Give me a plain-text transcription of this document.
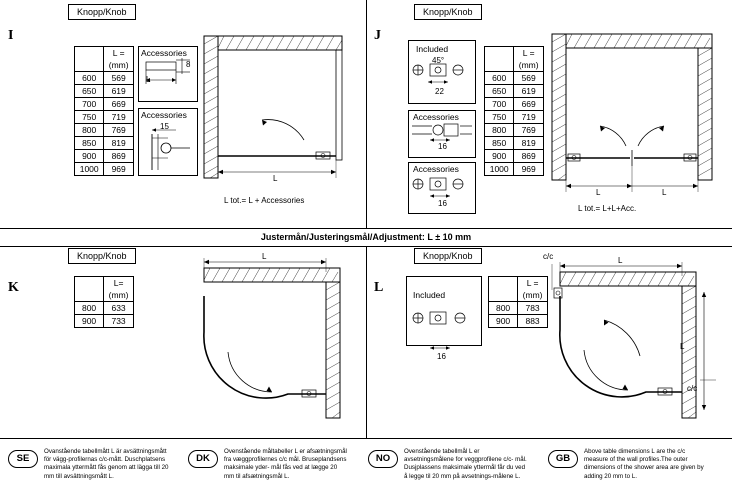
Justermån/Justeringsmål/Adjustment: L ± 10 mm
I
Knopp/Knob
	L =
(mm)
600	569
650	619
700	669
750	719
800	769
850	819
900	869
1000	969
Accessories
8
Accessories
15
L
L tot.= L + Accessories
J
Knopp/Knob
Included
45°
22
Accessories
16
Accessories
16
	L =
(mm)
600	569
650	619
700	669
750	719
800	769
850	819
900	869
1000	969
L	L
L tot.= L+L+Acc.
K
Knopp/Knob
	L=
(mm)
800	633
900	733
L
L
Knopp/Knob
Included
16
	L =
(mm)
800	783
900	883
L
L
c/c
c/c
SE
Ovanstående tabellmått L är avsättningsmått för vägg-profilernas c/c-mått. Duschplatsens maximala yttermått fås genom att lägga till 20 mm till avsättningsmått L.
DK
Ovenstående måltabeller L er afsætningsmål fra væggprofilernes c/c mål. Bruseplandsens maksimale yder- mål fås ved at lægge 20 mm til afsætningsmål L.
NO
Ovenstående tabellmål L er avsetningsmålene for veggprofilene c/c- mål. Dusjplassens maksimale yttermål får du ved å legge til 20 mm på avsetnings-målene L.
GB
Above table dimensions L are the c/c measure of the wall profiles.The outer dimensions of the shower area are given by adding 20 mm to L.
